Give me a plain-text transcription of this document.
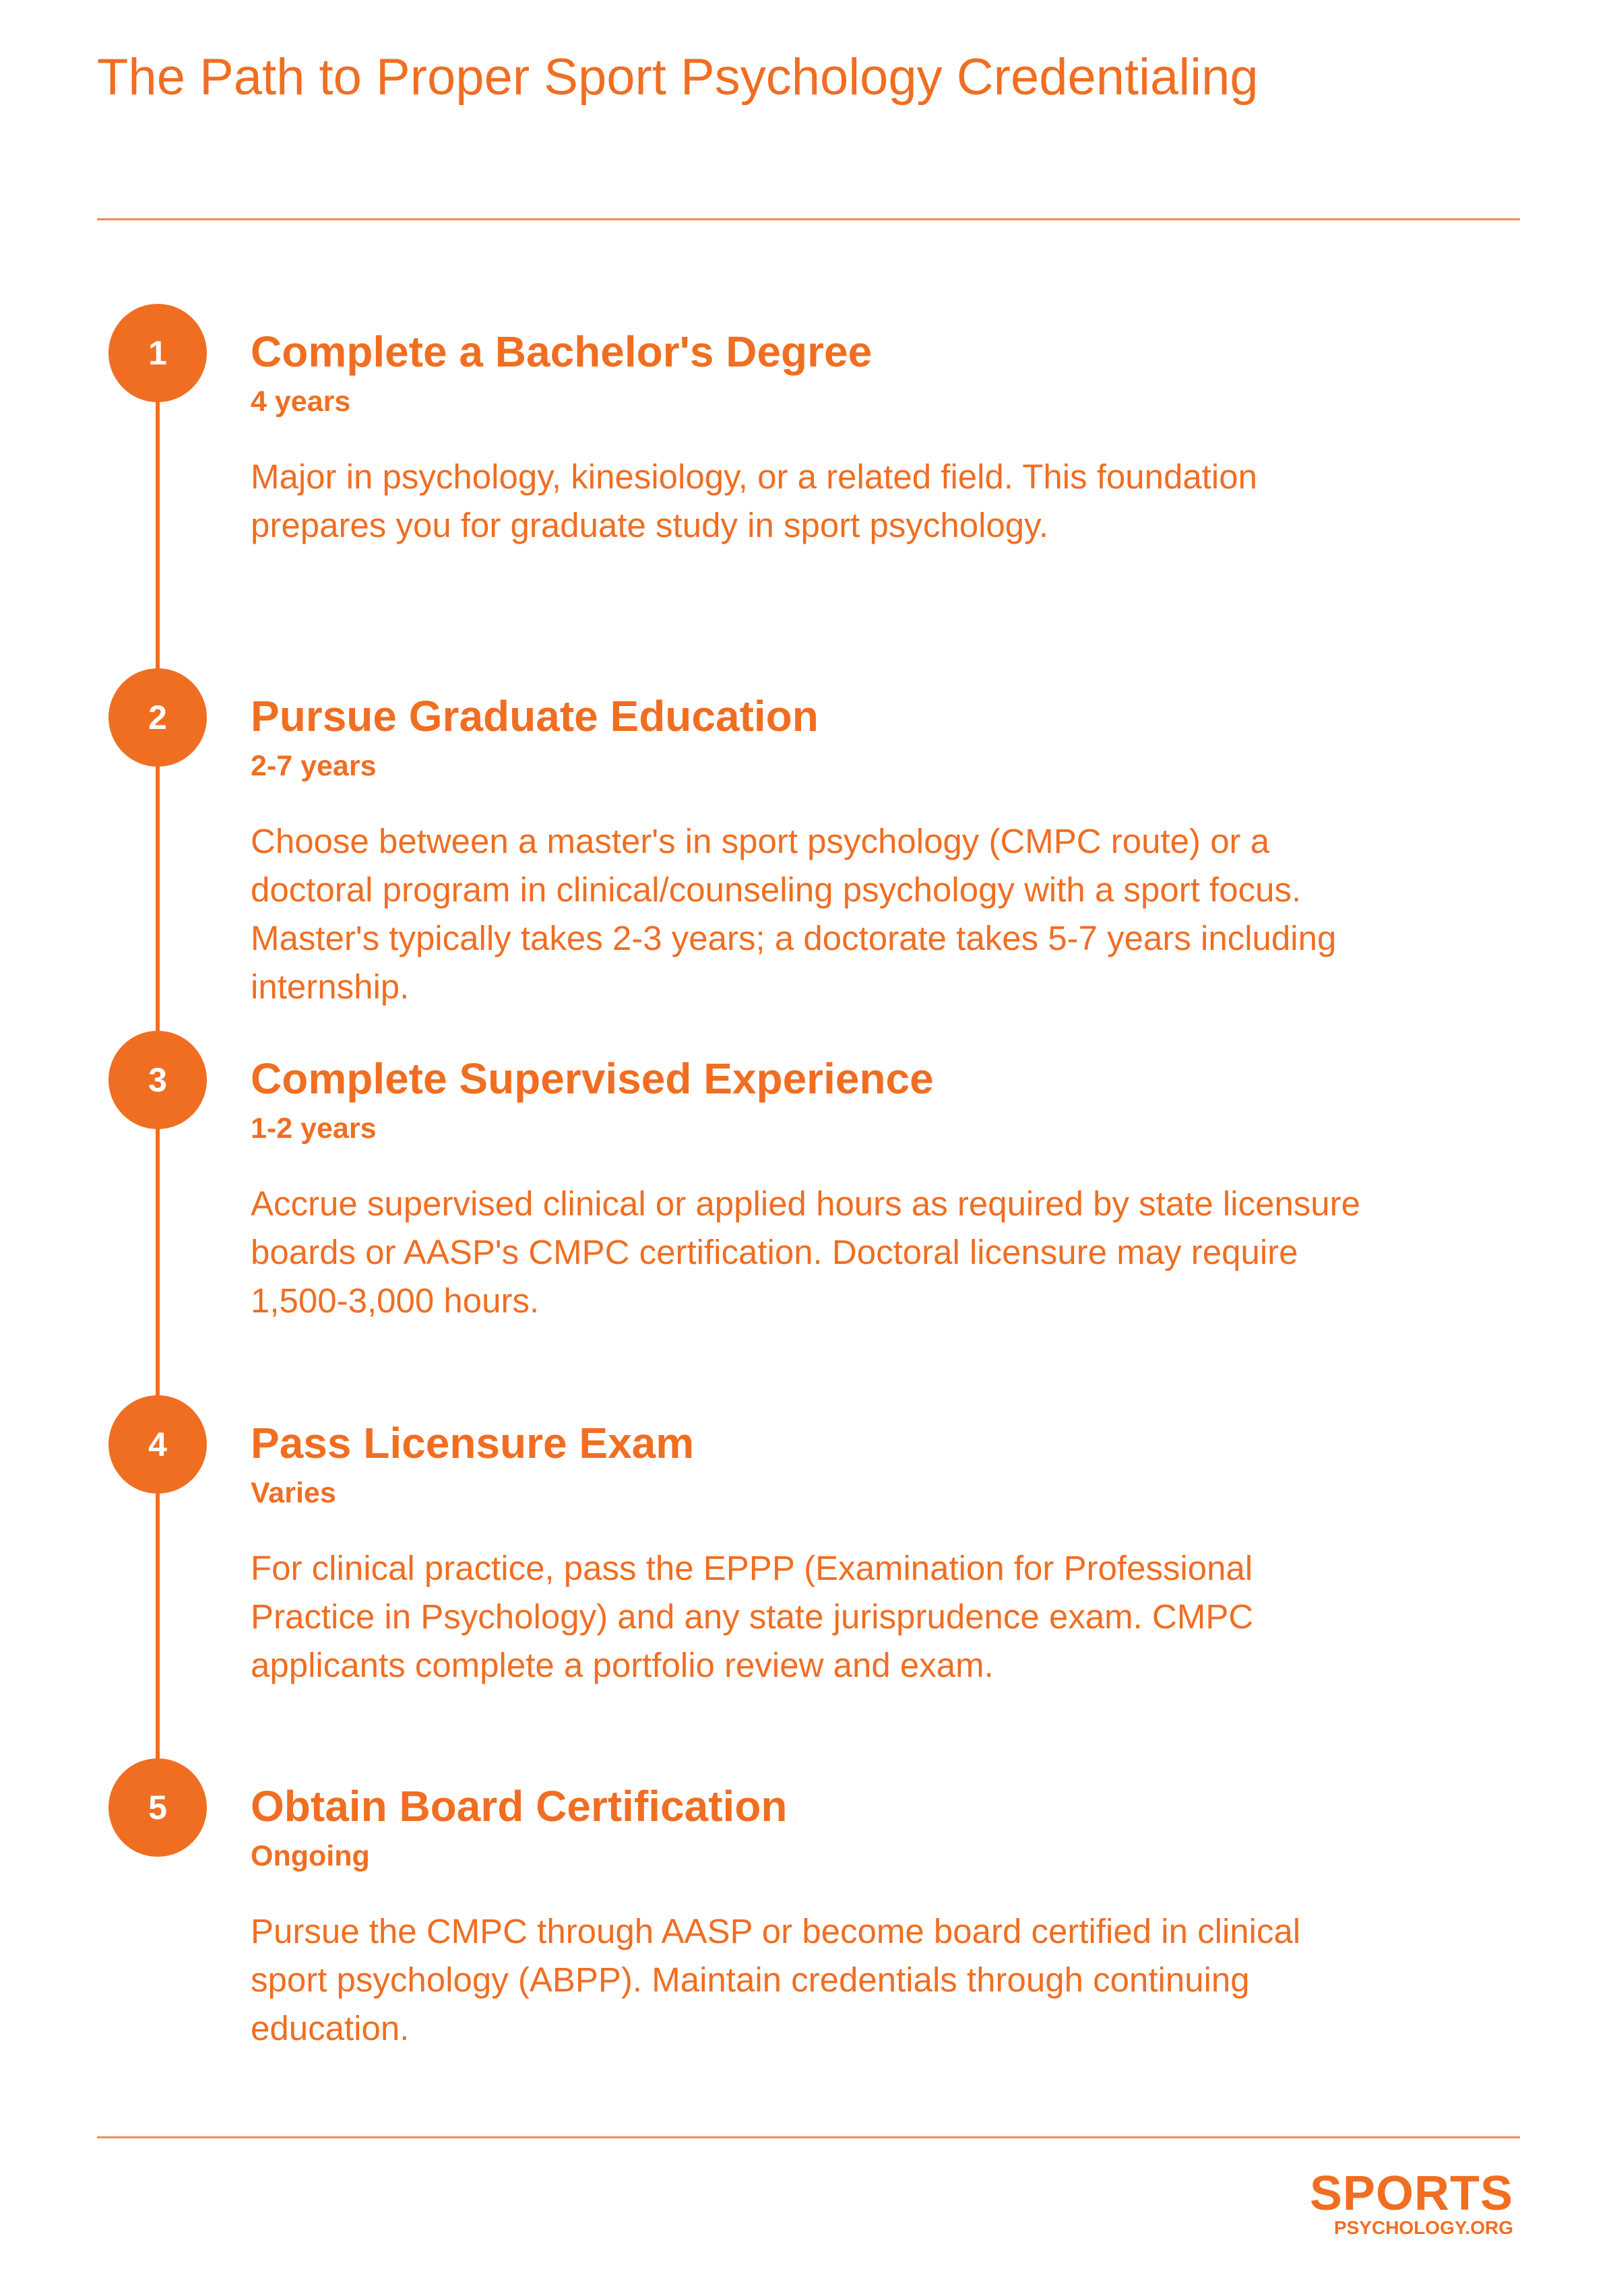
The Path to Proper Sport Psychology Credentialing
1	Complete a Bachelor's Degree
4 years
Major in psychology, kinesiology, or a related field. This foundation prepares you for graduate study in sport psychology.
2	Pursue Graduate Education
2-7 years
Choose between a master's in sport psychology (CMPC route) or a doctoral program in clinical/counseling psychology with a sport focus. Master's typically takes 2-3 years; a doctorate takes 5-7 years including internship.
3	Complete Supervised Experience
1-2 years
Accrue supervised clinical or applied hours as required by state licensure boards or AASP's CMPC certification. Doctoral licensure may require 1,500-3,000 hours.
4	Pass Licensure Exam
Varies
For clinical practice, pass the EPPP (Examination for Professional Practice in Psychology) and any state jurisprudence exam. CMPC applicants complete a portfolio review and exam.
5	Obtain Board Certification
Ongoing
Pursue the CMPC through AASP or become board certified in clinical sport psychology (ABPP). Maintain credentials through continuing education.
SPORTS
PSYCHOLOGY.ORG
